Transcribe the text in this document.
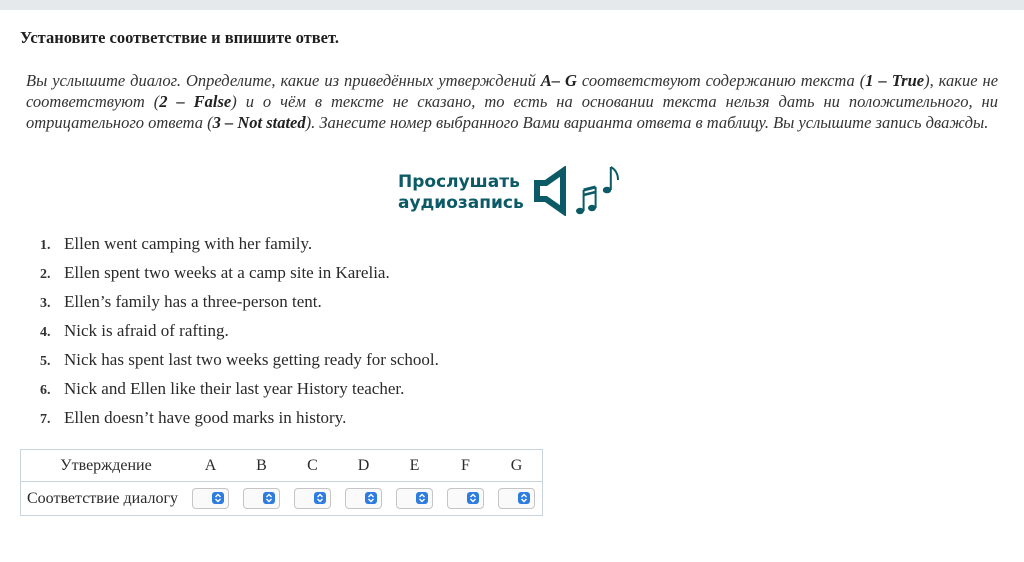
Установите соответствие и впишите ответ.
Вы услышите диалог. Определите, какие из приведённых утверждений A– G соответствуют содержанию текста (1 – True), какие не соответствуют (2 – False) и о чём в тексте не сказано, то есть на основании текста нельзя дать ни положительного, ни отрицательного ответа (3 – Not stated). Занесите номер выбранного Вами варианта ответа в таблицу. Вы услышите запись дважды.
Прослушать
аудиозапись
1. Ellen went camping with her family.
2. Ellen spent two weeks at a camp site in Karelia.
3. Ellen’s family has a three-person tent.
4. Nick is afraid of rafting.
5. Nick has spent last two weeks getting ready for school.
6. Nick and Ellen like their last year History teacher.
7. Ellen doesn’t have good marks in history.
Утверждение	A	B	C	D	E	F	G
Соответствие диалогу	
